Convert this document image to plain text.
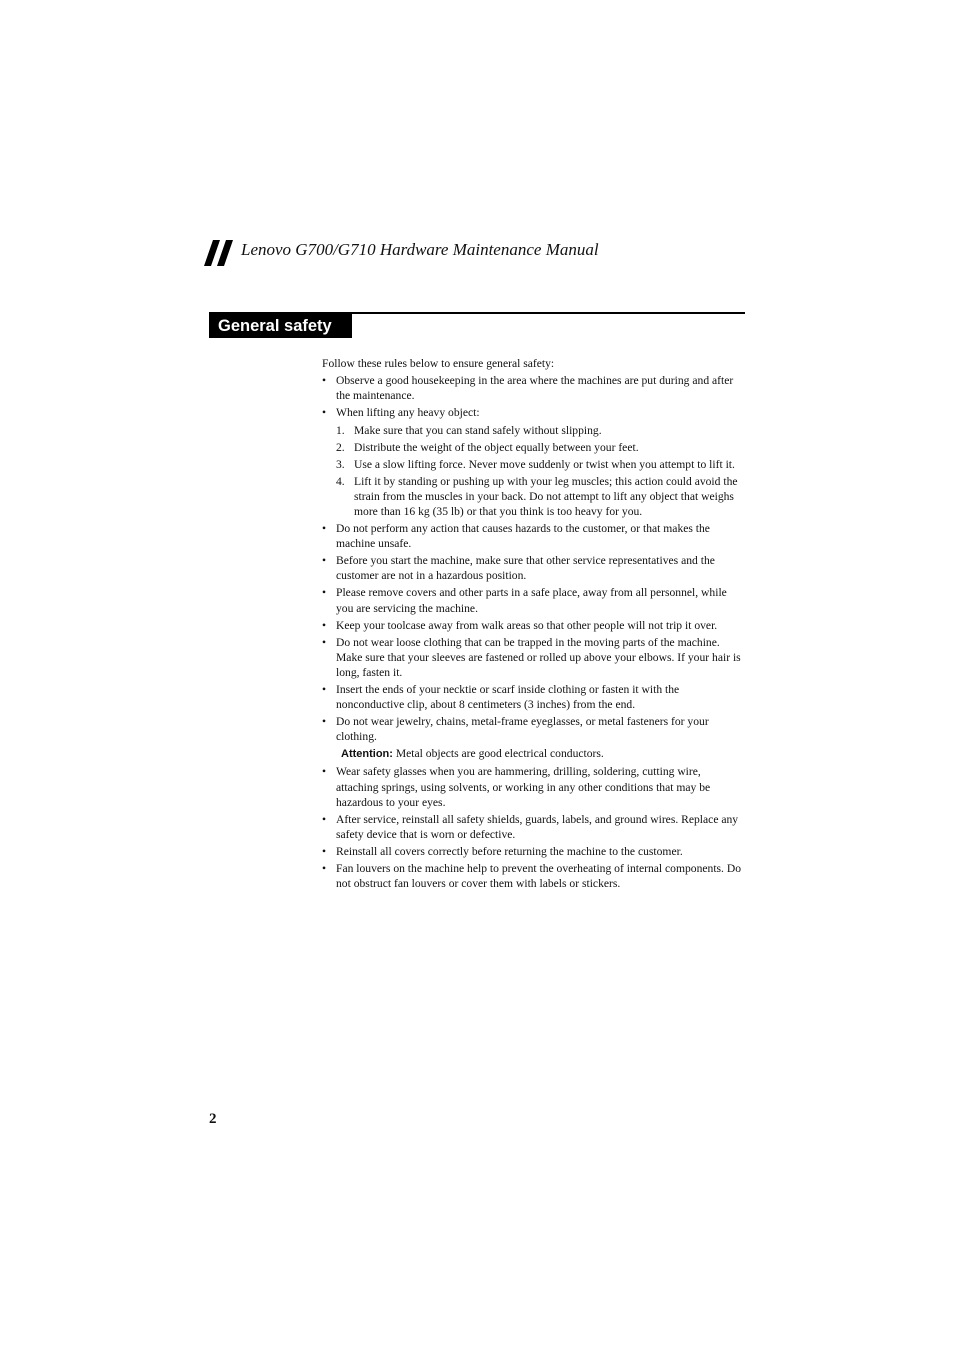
Lenovo G700/G710 Hardware Maintenance Manual
General safety

Follow these rules below to ensure general safety:

• Observe a good housekeeping in the area where the machines are put during and after the maintenance.
• When lifting any heavy object:
1. Make sure that you can stand safely without slipping.
2. Distribute the weight of the object equally between your feet.
3. Use a slow lifting force. Never move suddenly or twist when you attempt to lift it.
4. Lift it by standing or pushing up with your leg muscles; this action could avoid the strain from the muscles in your back. Do not attempt to lift any object that weighs more than 16 kg (35 lb) or that you think is too heavy for you.
• Do not perform any action that causes hazards to the customer, or that makes the machine unsafe.
• Before you start the machine, make sure that other service representatives and the customer are not in a hazardous position.
• Please remove covers and other parts in a safe place, away from all personnel, while you are servicing the machine.
• Keep your toolcase away from walk areas so that other people will not trip it over.
• Do not wear loose clothing that can be trapped in the moving parts of the machine. Make sure that your sleeves are fastened or rolled up above your elbows. If your hair is long, fasten it.
• Insert the ends of your necktie or scarf inside clothing or fasten it with the nonconductive clip, about 8 centimeters (3 inches) from the end.
• Do not wear jewelry, chains, metal-frame eyeglasses, or metal fasteners for your clothing.
Attention: Metal objects are good electrical conductors.
• Wear safety glasses when you are hammering, drilling, soldering, cutting wire, attaching springs, using solvents, or working in any other conditions that may be hazardous to your eyes.
• After service, reinstall all safety shields, guards, labels, and ground wires. Replace any safety device that is worn or defective.
• Reinstall all covers correctly before returning the machine to the customer.
• Fan louvers on the machine help to prevent the overheating of internal components. Do not obstruct fan louvers or cover them with labels or stickers.
2
